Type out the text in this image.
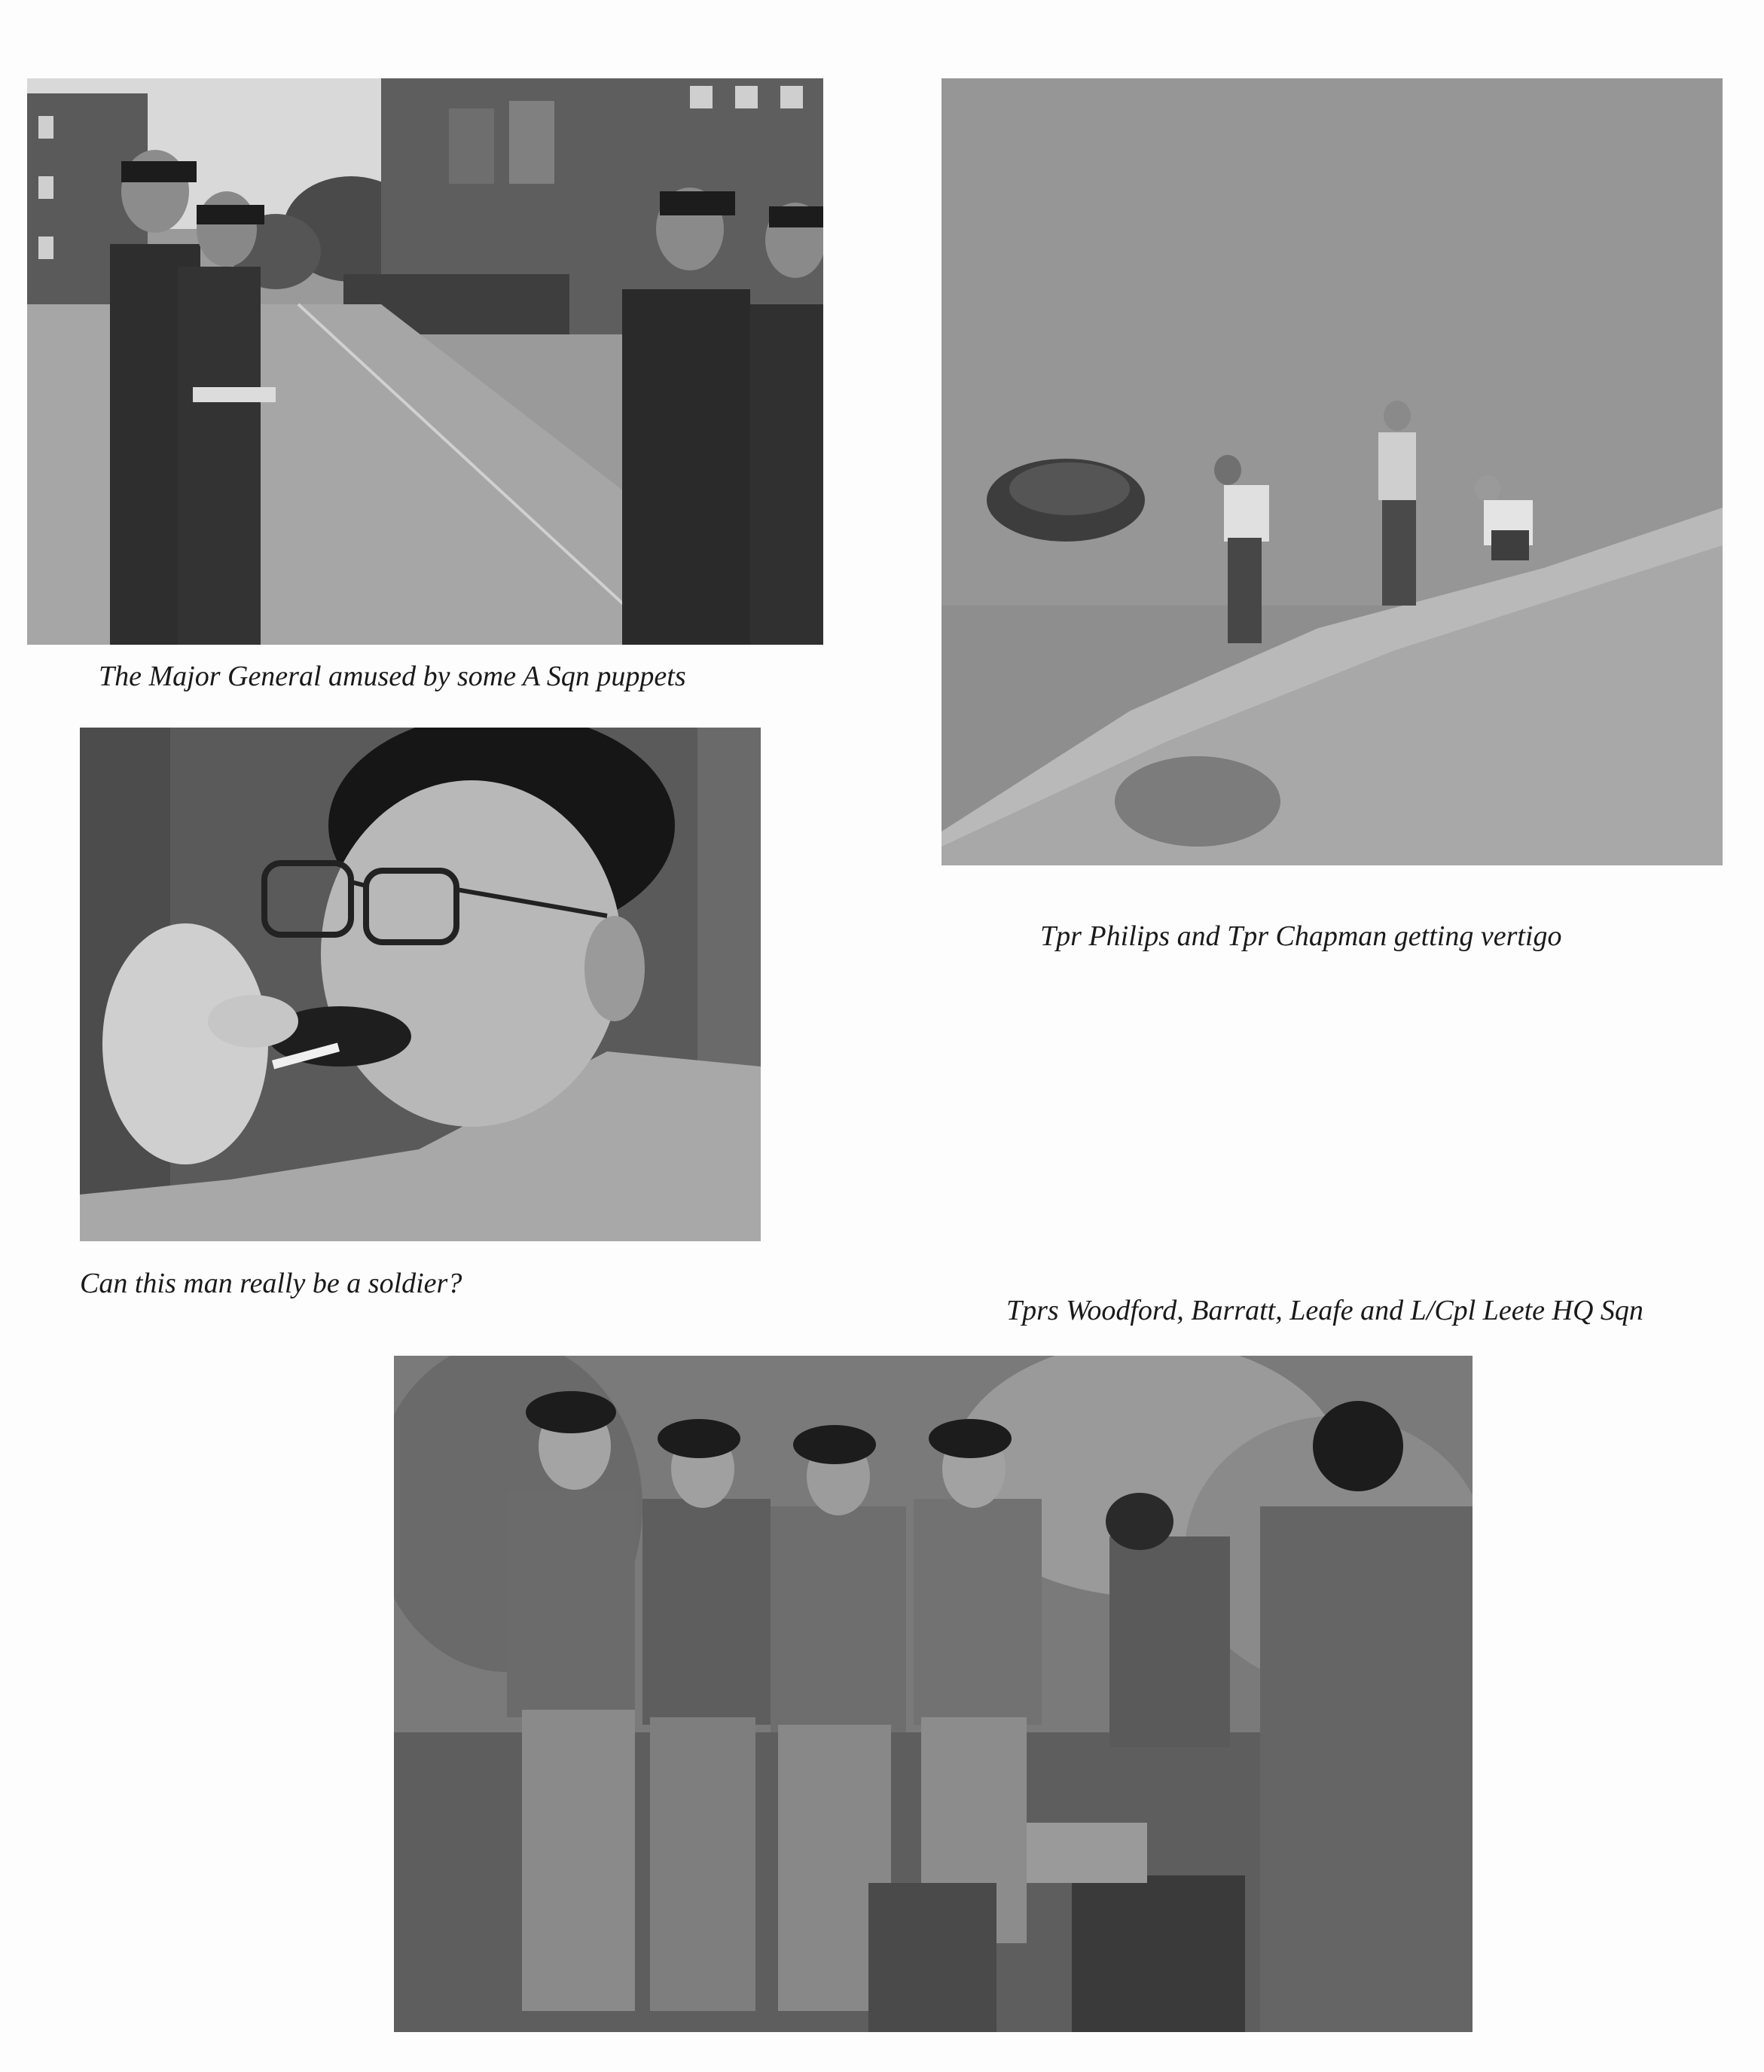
The Major General amused by some A Sqn puppets
Tpr Philips and Tpr Chapman getting vertigo
Can this man really be a soldier?
Tprs Woodford, Barratt, Leafe and L/Cpl Leete HQ Sqn
